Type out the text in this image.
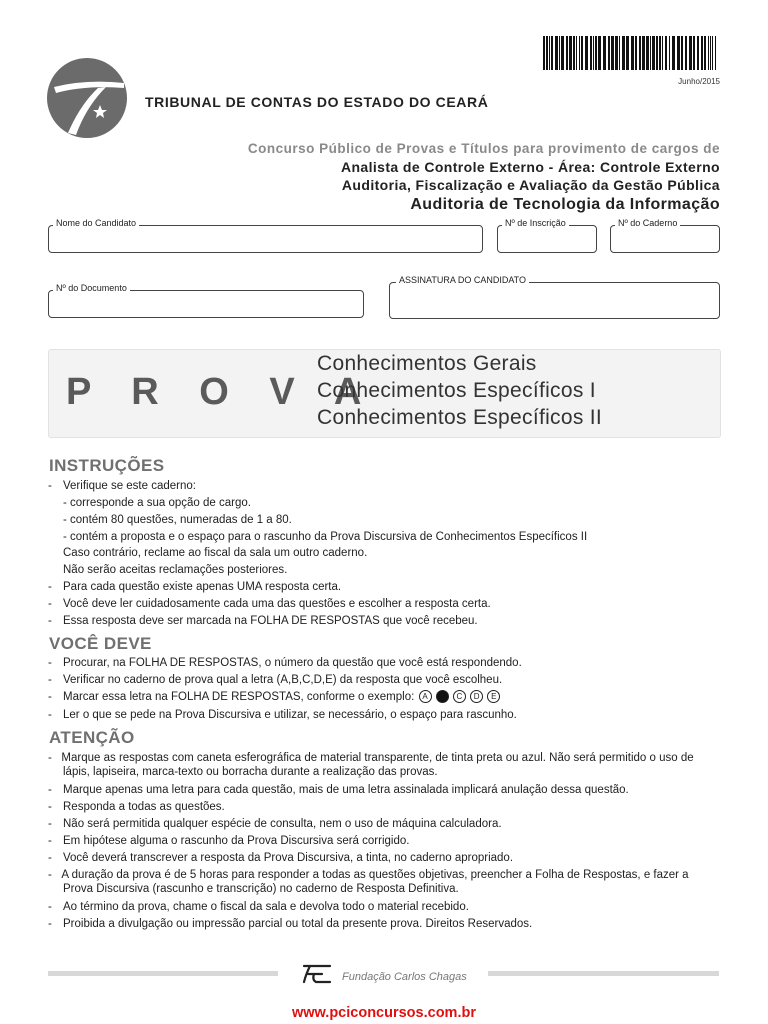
Junho/2015
TRIBUNAL DE CONTAS DO ESTADO DO CEARÁ
Concurso Público de Provas e Títulos para provimento de cargos de
Analista de Controle Externo - Área: Controle Externo
Auditoria, Fiscalização e Avaliação da Gestão Pública
Auditoria de Tecnologia da Informação
Nome do Candidato	Nº de Inscrição	Nº do Caderno
Nº do Documento
ASSINATURA DO CANDIDATO
P R O V A
Conhecimentos Gerais
Conhecimentos Específicos I
Conhecimentos Específicos II
INSTRUÇÕES
- Verifique se este caderno:
- corresponde a sua opção de cargo.
- contém 80 questões, numeradas de 1 a 80.
- contém a proposta e o espaço para o rascunho da Prova Discursiva de Conhecimentos Específicos II
Caso contrário, reclame ao fiscal da sala um outro caderno.
Não serão aceitas reclamações posteriores.
- Para cada questão existe apenas UMA resposta certa.
- Você deve ler cuidadosamente cada uma das questões e escolher a resposta certa.
- Essa resposta deve ser marcada na FOLHA DE RESPOSTAS que você recebeu.
VOCÊ DEVE
- Procurar, na FOLHA DE RESPOSTAS, o número da questão que você está respondendo.
- Verificar no caderno de prova qual a letra (A,B,C,D,E) da resposta que você escolheu.
- Marcar essa letra na FOLHA DE RESPOSTAS, conforme o exemplo: A	C D E
- Ler o que se pede na Prova Discursiva e utilizar, se necessário, o espaço para rascunho.
ATENÇÃO
-   Marque as respostas com caneta esferográfica de material transparente, de tinta preta ou azul. Não será permitido o uso de lápis, lapiseira, marca-texto ou borracha durante a realização das provas.
- Marque apenas uma letra para cada questão, mais de uma letra assinalada implicará anulação dessa questão.
- Responda a todas as questões.
- Não será permitida qualquer espécie de consulta, nem o uso de máquina calculadora.
- Em hipótese alguma o rascunho da Prova Discursiva será corrigido.
- Você deverá transcrever a resposta da Prova Discursiva, a tinta, no caderno apropriado.
-   A duração da prova é de 5 horas para responder a todas as questões objetivas, preencher a Folha de Respostas, e fazer a Prova Discursiva (rascunho e transcrição) no caderno de Resposta Definitiva.
- Ao término da prova, chame o fiscal da sala e devolva todo o material recebido.
- Proibida a divulgação ou impressão parcial ou total da presente prova. Direitos Reservados.
Fundação Carlos Chagas
www.pciconcursos.com.br
